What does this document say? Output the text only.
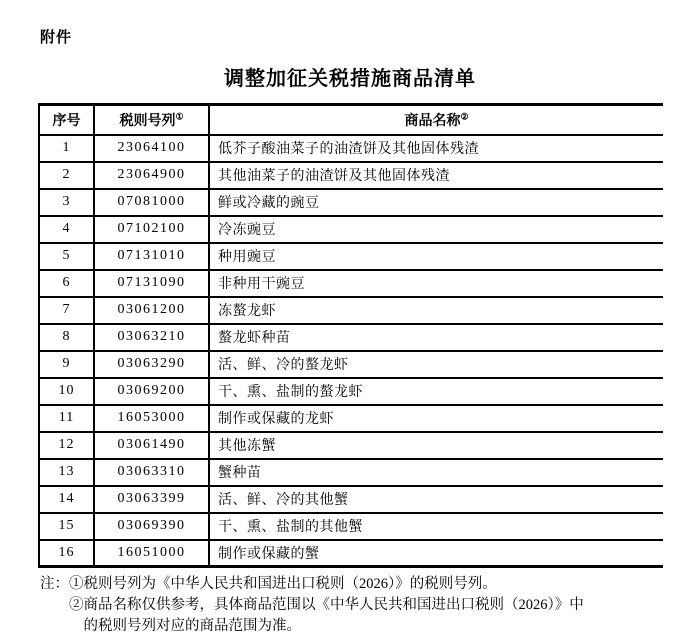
附件
调整加征关税措施商品清单
序号	税则号列①	商品名称②
1	23064100	低芥子酸油菜子的油渣饼及其他固体残渣
2	23064900	其他油菜子的油渣饼及其他固体残渣
3	07081000	鲜或冷藏的豌豆
4	07102100	冷冻豌豆
5	07131010	种用豌豆
6	07131090	非种用干豌豆
7	03061200	冻螯龙虾
8	03063210	螯龙虾种苗
9	03063290	活、鲜、冷的螯龙虾
10	03069200	干、熏、盐制的螯龙虾
11	16053000	制作或保藏的龙虾
12	03061490	其他冻蟹
13	03063310	蟹种苗
14	03063399	活、鲜、冷的其他蟹
15	03069390	干、熏、盐制的其他蟹
16	16051000	制作或保藏的蟹
注： ①税则号列为《中华人民共和国进出口税则（2026）》的税则号列。
②商品名称仅供参考，具体商品范围以《中华人民共和国进出口税则（2026）》中
的税则号列对应的商品范围为准。
